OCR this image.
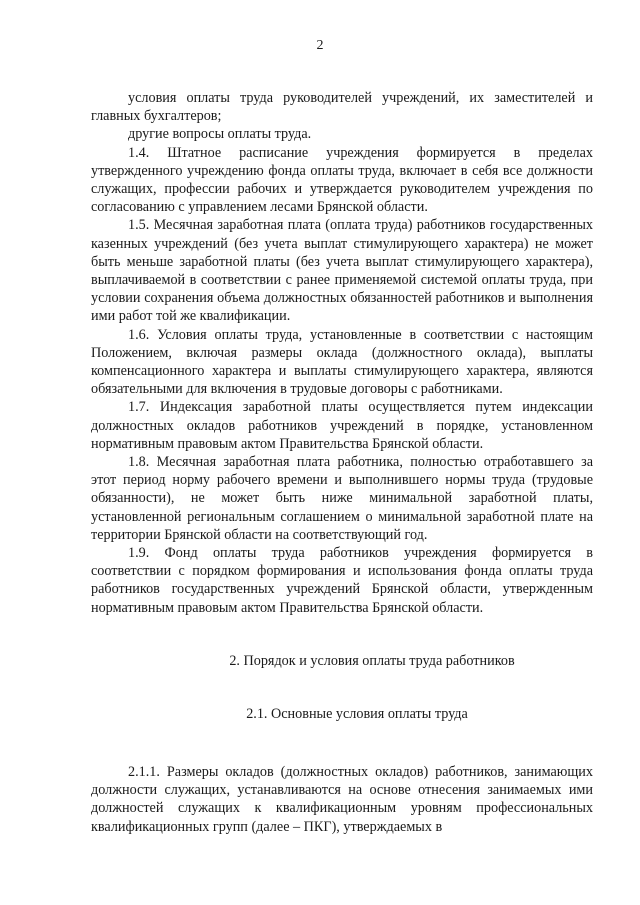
2

условия оплаты труда руководителей учреждений, их заместителей и главных бухгалтеров;

другие вопросы оплаты труда.

1.4. Штатное расписание учреждения формируется в пределах утвержденного учреждению фонда оплаты труда, включает в себя все должности служащих, профессии рабочих и утверждается руководителем учреждения по согласованию с управлением лесами Брянской области.

1.5. Месячная заработная плата (оплата труда) работников государственных казенных учреждений (без учета выплат стимулирующего характера) не может быть меньше заработной платы (без учета выплат стимулирующего характера), выплачиваемой в соответствии с ранее применяемой системой оплаты труда, при условии сохранения объема должностных обязанностей работников и выполнения ими работ той же квалификации.

1.6. Условия оплаты труда, установленные в соответствии с настоящим Положением, включая размеры оклада (должностного оклада), выплаты компенсационного характера и выплаты стимулирующего характера, являются обязательными для включения в трудовые договоры с работниками.

1.7. Индексация заработной платы осуществляется путем индексации должностных окладов работников учреждений в порядке, установленном нормативным правовым актом Правительства Брянской области.

1.8. Месячная заработная плата работника, полностью отработавшего за этот период норму рабочего времени и выполнившего нормы труда (трудовые обязанности), не может быть ниже минимальной заработной платы, установленной региональным соглашением о минимальной заработной плате на территории Брянской области на соответствующий год.

1.9. Фонд оплаты труда работников учреждения формируется в соответствии с порядком формирования и использования фонда оплаты труда работников государственных учреждений Брянской области, утвержденным нормативным правовым актом Правительства Брянской области.

2. Порядок и условия оплаты труда работников

2.1. Основные условия оплаты труда

2.1.1. Размеры окладов (должностных окладов) работников, занимающих должности служащих, устанавливаются на основе отнесения занимаемых ими должностей служащих к квалификационным уровням профессиональных квалификационных групп (далее – ПКГ), утверждаемых в
